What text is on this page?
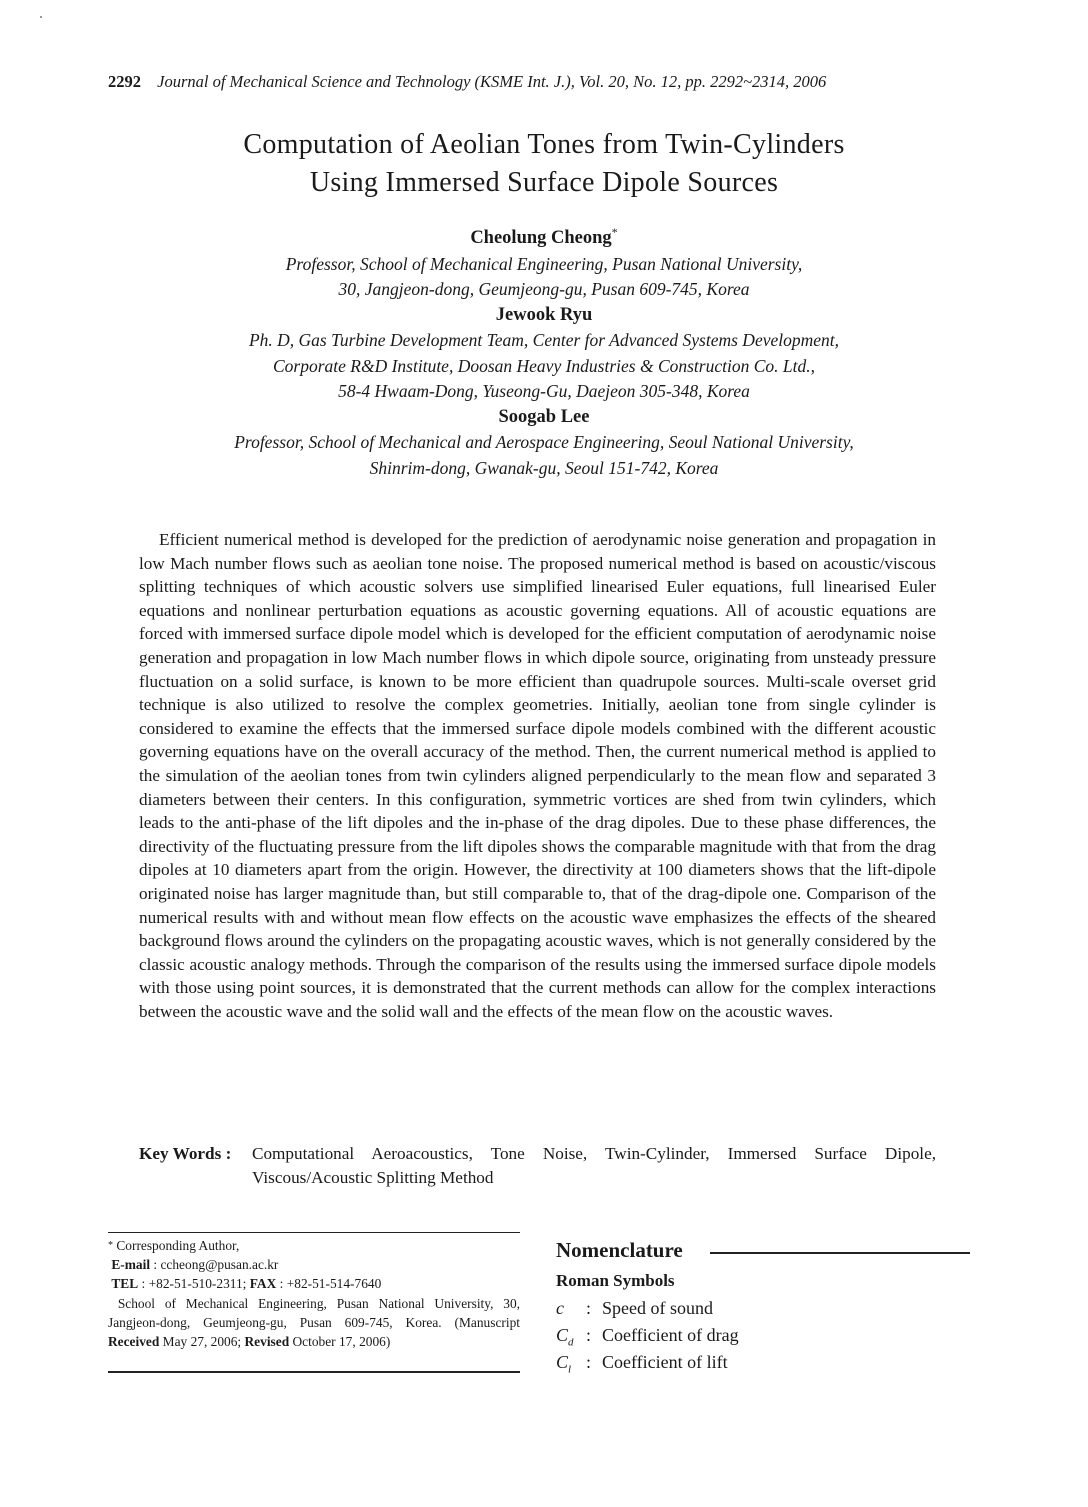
2292 Journal of Mechanical Science and Technology (KSME Int. J.), Vol. 20, No. 12, pp. 2292~2314, 2006
Computation of Aeolian Tones from Twin-Cylinders
Using Immersed Surface Dipole Sources
Cheolung Cheong*
Professor, School of Mechanical Engineering, Pusan National University,
30, Jangjeon-dong, Geumjeong-gu, Pusan 609-745, Korea
Jewook Ryu
Ph. D, Gas Turbine Development Team, Center for Advanced Systems Development,
Corporate R&D Institute, Doosan Heavy Industries & Construction Co. Ltd.,
58-4 Hwaam-Dong, Yuseong-Gu, Daejeon 305-348, Korea
Soogab Lee
Professor, School of Mechanical and Aerospace Engineering, Seoul National University,
Shinrim-dong, Gwanak-gu, Seoul 151-742, Korea
Efficient numerical method is developed for the prediction of aerodynamic noise generation and propagation in low Mach number flows such as aeolian tone noise. The proposed numerical method is based on acoustic/viscous splitting techniques of which acoustic solvers use simplified linearised Euler equations, full linearised Euler equations and nonlinear perturbation equations as acoustic governing equations. All of acoustic equations are forced with immersed surface dipole model which is developed for the efficient computation of aerodynamic noise generation and propagation in low Mach number flows in which dipole source, originating from unsteady pressure fluctuation on a solid surface, is known to be more efficient than quadrupole sources. Multi-scale overset grid technique is also utilized to resolve the complex geometries. Initially, aeolian tone from single cylinder is considered to examine the effects that the immersed surface dipole models combined with the different acoustic governing equations have on the overall accuracy of the method. Then, the current numerical method is applied to the simulation of the aeolian tones from twin cylinders aligned perpendicularly to the mean flow and separated 3 diameters between their centers. In this configuration, symmetric vortices are shed from twin cylinders, which leads to the anti-phase of the lift dipoles and the in-phase of the drag dipoles. Due to these phase differences, the directivity of the fluctuating pressure from the lift dipoles shows the comparable magnitude with that from the drag dipoles at 10 diameters apart from the origin. However, the directivity at 100 diameters shows that the lift-dipole originated noise has larger magnitude than, but still comparable to, that of the drag-dipole one. Comparison of the numerical results with and without mean flow effects on the acoustic wave emphasizes the effects of the sheared background flows around the cylinders on the propagating acoustic waves, which is not generally considered by the classic acoustic analogy methods. Through the comparison of the results using the immersed surface dipole models with those using point sources, it is demonstrated that the current methods can allow for the complex interactions between the acoustic wave and the solid wall and the effects of the mean flow on the acoustic waves.
Key Words : Computational Aeroacoustics, Tone Noise, Twin-Cylinder, Immersed Surface Dipole, Viscous/Acoustic Splitting Method
* Corresponding Author,
E-mail : ccheong@pusan.ac.kr
TEL : +82-51-510-2311; FAX : +82-51-514-7640
School of Mechanical Engineering, Pusan National University, 30, Jangjeon-dong, Geumjeong-gu, Pusan 609-745, Korea. (Manuscript Received May 27, 2006; Revised October 17, 2006)
Nomenclature
Roman Symbols
c : Speed of sound
$C_d$ : Coefficient of drag
$C_l$ : Coefficient of lift
